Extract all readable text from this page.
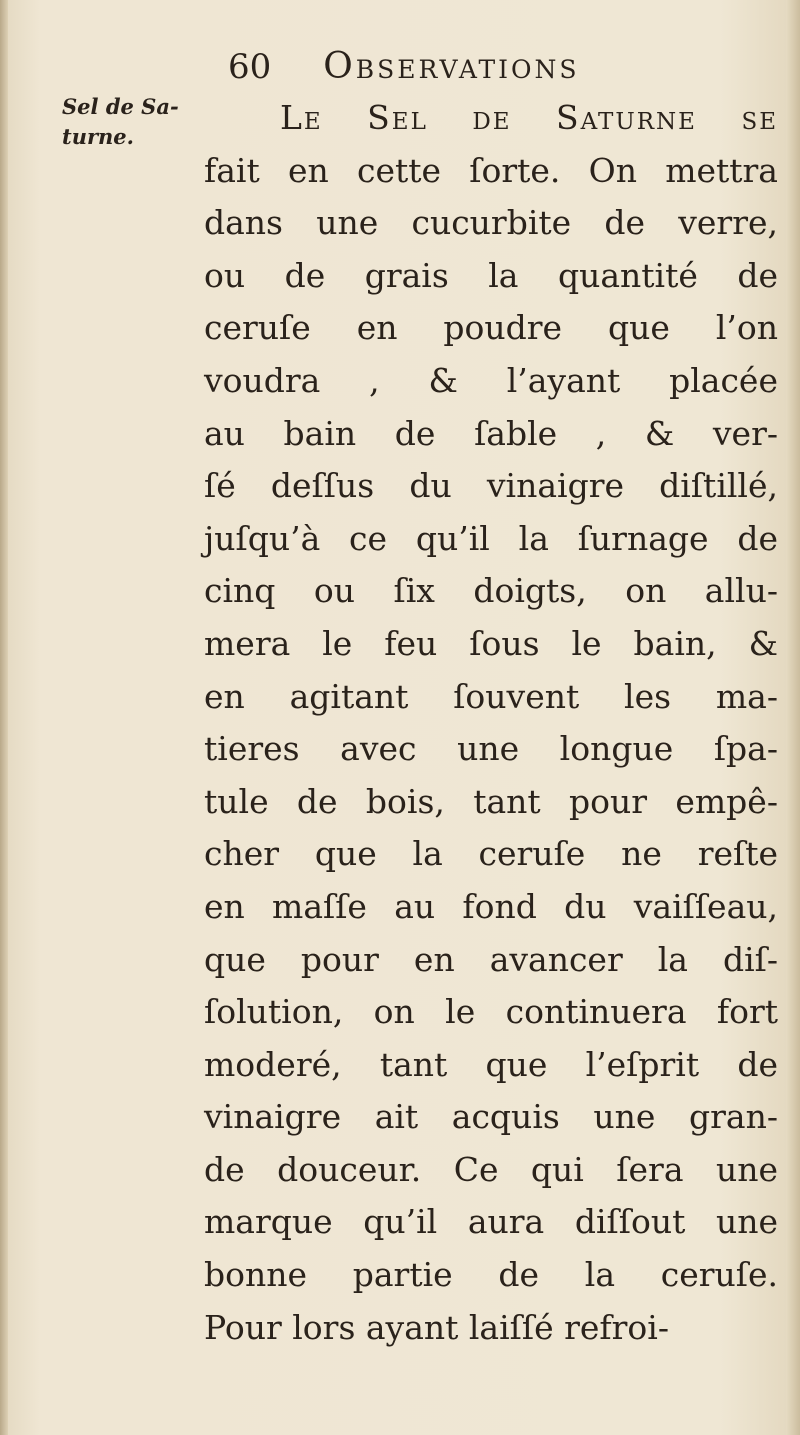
60 Observations
Sel de Sa-
turne.	Le Sel de Saturne ſe
fait en cette ſorte. On mettra
dans une cucurbite de verre,
ou de grais la quantité de
ceruſe en poudre que l’on
voudra , & l’ayant placée
au bain de ſable , & ver-
ſé deſſus du vinaigre diſtillé,
juſqu’à ce qu’il la ſurnage de
cinq ou ſix doigts, on allu-
mera le feu ſous le bain, &
en agitant ſouvent les ma-
tieres avec une longue ſpa-
tule de bois, tant pour empê-
cher que la ceruſe ne reſte
en maſſe au fond du vaiſſeau,
que pour en avancer la diſ-
ſolution, on le continuera fort
moderé, tant que l’eſprit de
vinaigre ait acquis une gran-
de douceur. Ce qui ſera une
marque qu’il aura diſſout une
bonne partie de la ceruſe.
Pour lors ayant laiſſé refroi-
